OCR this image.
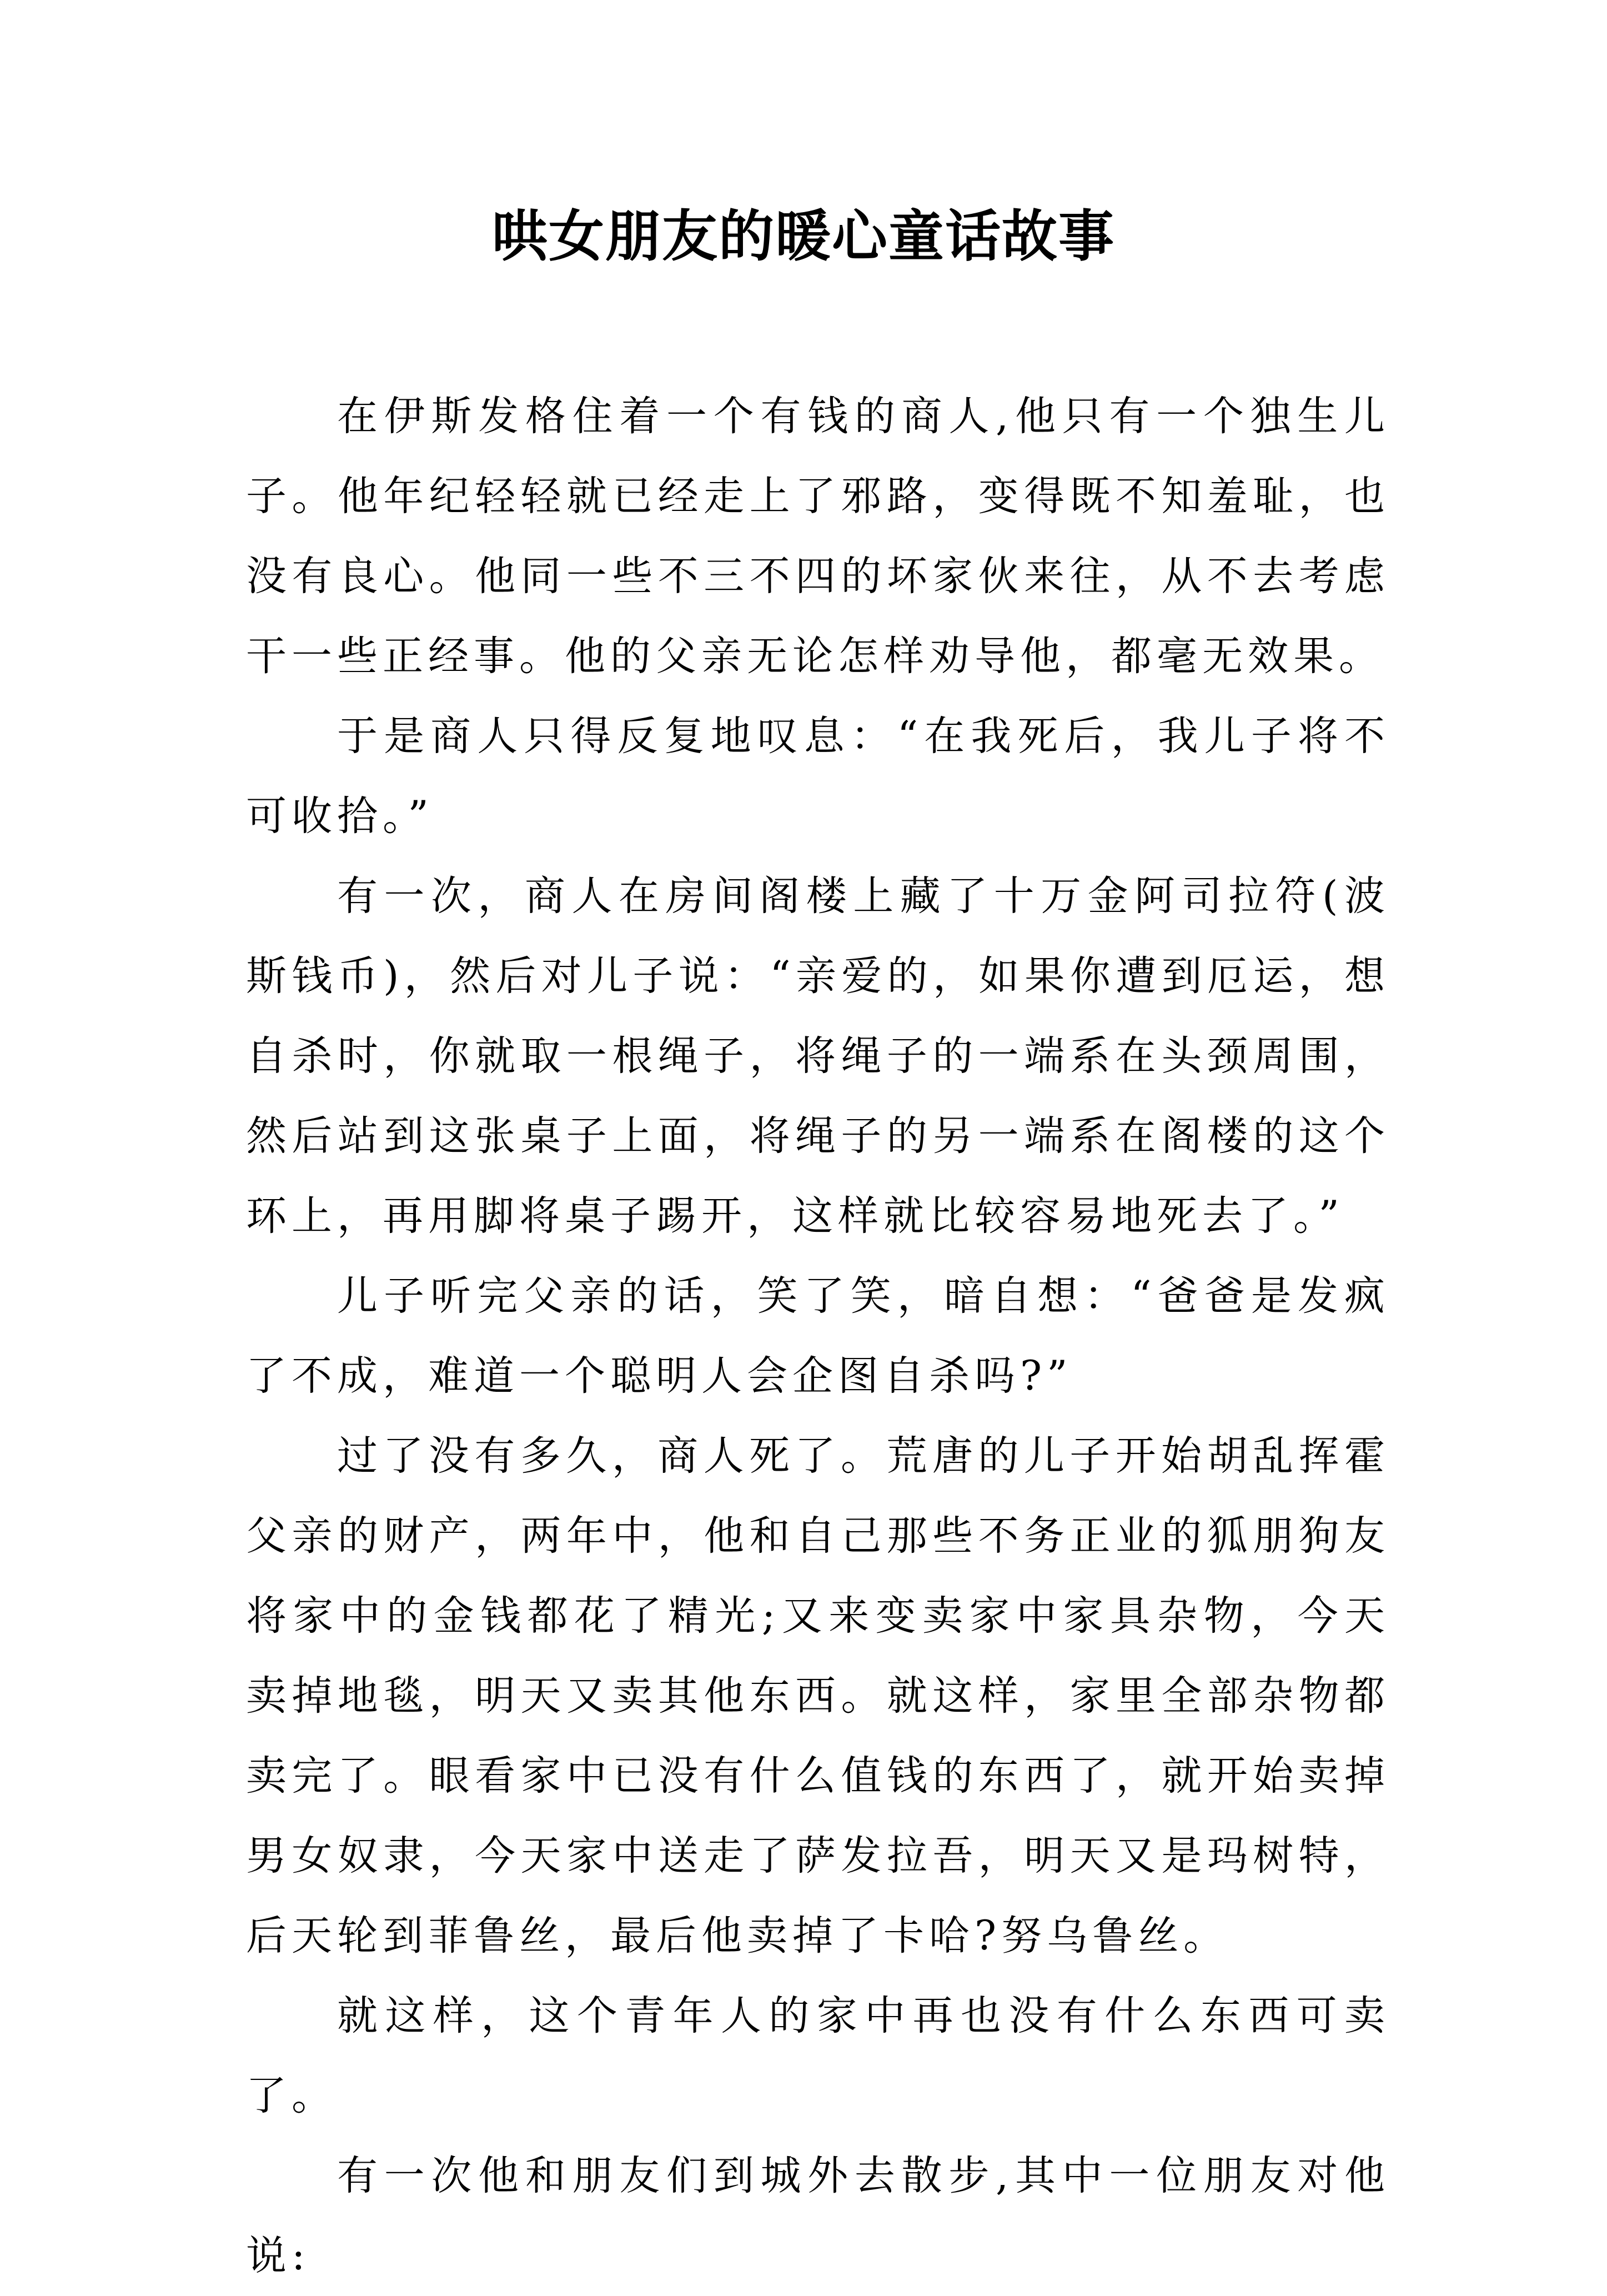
哄女朋友的暖心童话故事

在伊斯发格住着一个有钱的商人,他只有一个独生儿子。他年纪轻轻就已经走上了邪路，变得既不知羞耻，也没有良心。他同一些不三不四的坏家伙来往，从不去考虑干一些正经事。他的父亲无论怎样劝导他，都毫无效果。

于是商人只得反复地叹息：“在我死后，我儿子将不可收拾。”

有一次，商人在房间阁楼上藏了十万金阿司拉符(波斯钱币)，然后对儿子说：“亲爱的，如果你遭到厄运，想自杀时，你就取一根绳子，将绳子的一端系在头颈周围，然后站到这张桌子上面，将绳子的另一端系在阁楼的这个环上，再用脚将桌子踢开，这样就比较容易地死去了。”

儿子听完父亲的话，笑了笑，暗自想：“爸爸是发疯了不成，难道一个聪明人会企图自杀吗?”

过了没有多久，商人死了。荒唐的儿子开始胡乱挥霍父亲的财产，两年中，他和自己那些不务正业的狐朋狗友将家中的金钱都花了精光;又来变卖家中家具杂物，今天卖掉地毯，明天又卖其他东西。就这样，家里全部杂物都卖完了。眼看家中已没有什么值钱的东西了，就开始卖掉男女奴隶，今天家中送走了萨发拉吾，明天又是玛树特，后天轮到菲鲁丝，最后他卖掉了卡哈?努乌鲁丝。

就这样，这个青年人的家中再也没有什么东西可卖了。

有一次他和朋友们到城外去散步,其中一位朋友对他说:
